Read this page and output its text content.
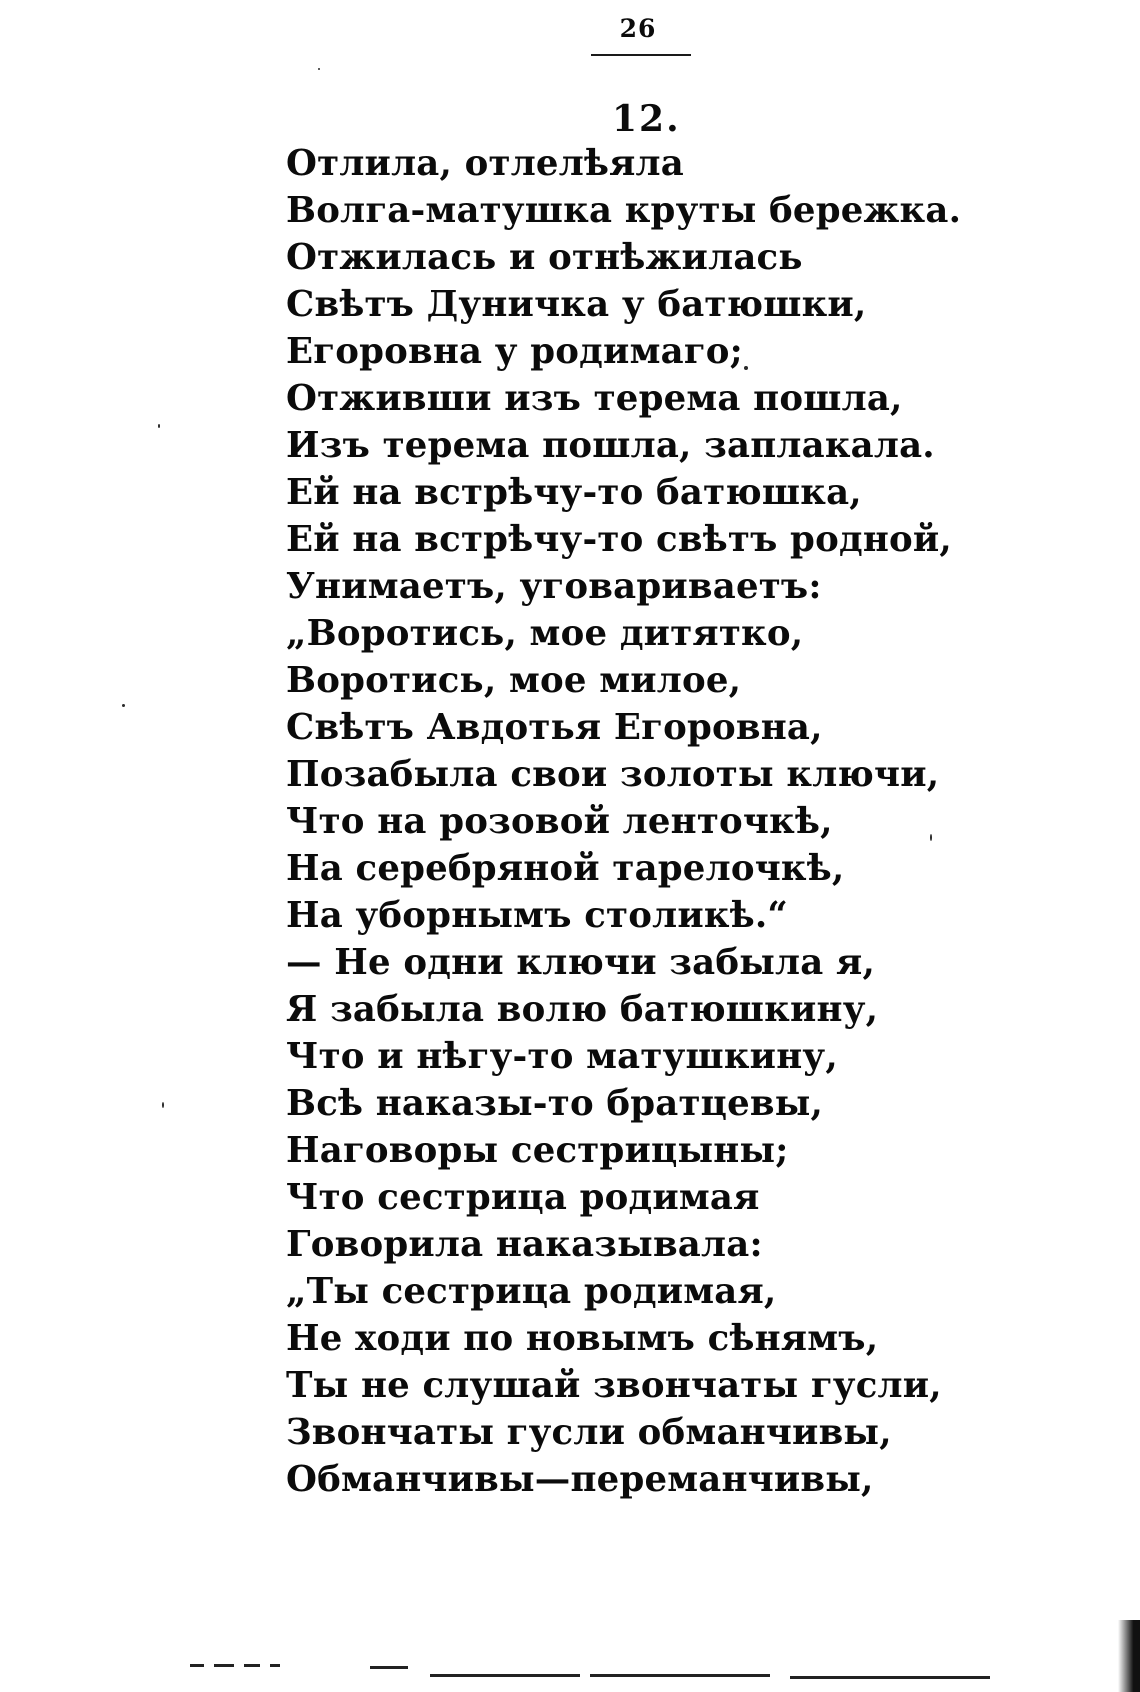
26
12.
Отлила, отлелѣяла
Волга-матушка круты бережка.
Отжилась и отнѣжилась
Свѣтъ Дуничка у батюшки,
Егоровна у родимаго;
Отживши изъ терема пошла,
Изъ терема пошла, заплакала.
Ей на встрѣчу-то батюшка,
Ей на встрѣчу-то свѣтъ родной,
Унимаетъ, уговариваетъ:
„Воротись, мое дитятко,
Воротись, мое милое,
Свѣтъ Авдотья Егоровна,
Позабыла свои золоты ключи,
Что на розовой ленточкѣ,
На серебряной тарелочкѣ,
На уборнымъ столикѣ.“
— Не одни ключи забыла я,
Я забыла волю батюшкину,
Что и нѣгу-то матушкину,
Всѣ наказы-то братцевы,
Наговоры сестрицыны;
Что сестрица родимая
Говорила наказывала:
„Ты сестрица родимая,
Не ходи по новымъ сѣнямъ,
Ты не слушай звончаты гусли,
Звончаты гусли обманчивы,
Обманчивы—переманчивы,
